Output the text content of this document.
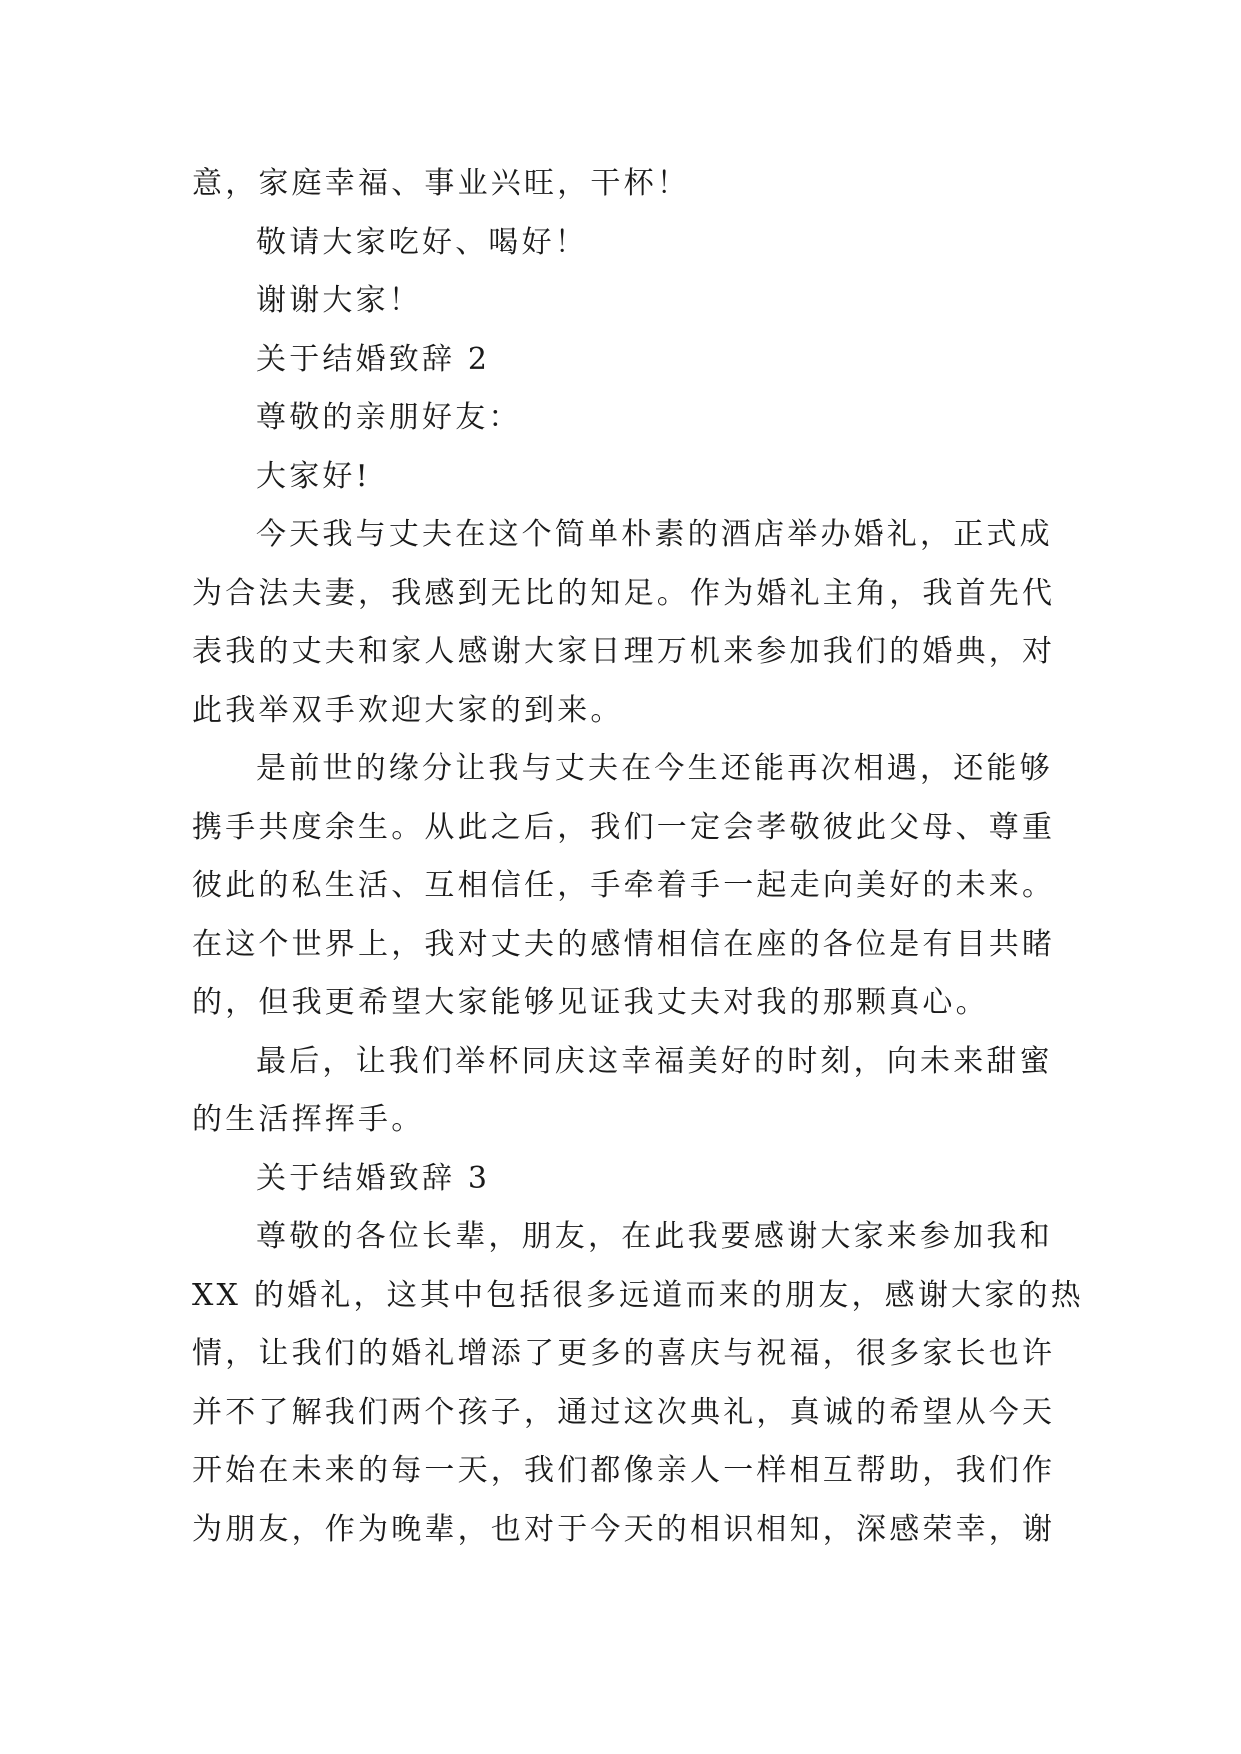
意，家庭幸福、事业兴旺，干杯！
敬请大家吃好、喝好！
谢谢大家！
关于结婚致辞 2
尊敬的亲朋好友：
大家好!
今天我与丈夫在这个简单朴素的酒店举办婚礼，正式成
为合法夫妻，我感到无比的知足。作为婚礼主角，我首先代
表我的丈夫和家人感谢大家日理万机来参加我们的婚典，对
此我举双手欢迎大家的到来。
是前世的缘分让我与丈夫在今生还能再次相遇，还能够
携手共度余生。从此之后，我们一定会孝敬彼此父母、尊重
彼此的私生活、互相信任，手牵着手一起走向美好的未来。
在这个世界上，我对丈夫的感情相信在座的各位是有目共睹
的，但我更希望大家能够见证我丈夫对我的那颗真心。
最后，让我们举杯同庆这幸福美好的时刻，向未来甜蜜
的生活挥挥手。
关于结婚致辞 3
尊敬的各位长辈，朋友，在此我要感谢大家来参加我和
XX 的婚礼，这其中包括很多远道而来的朋友，感谢大家的热
情，让我们的婚礼增添了更多的喜庆与祝福，很多家长也许
并不了解我们两个孩子，通过这次典礼，真诚的希望从今天
开始在未来的每一天，我们都像亲人一样相互帮助，我们作
为朋友，作为晚辈，也对于今天的相识相知，深感荣幸，谢
